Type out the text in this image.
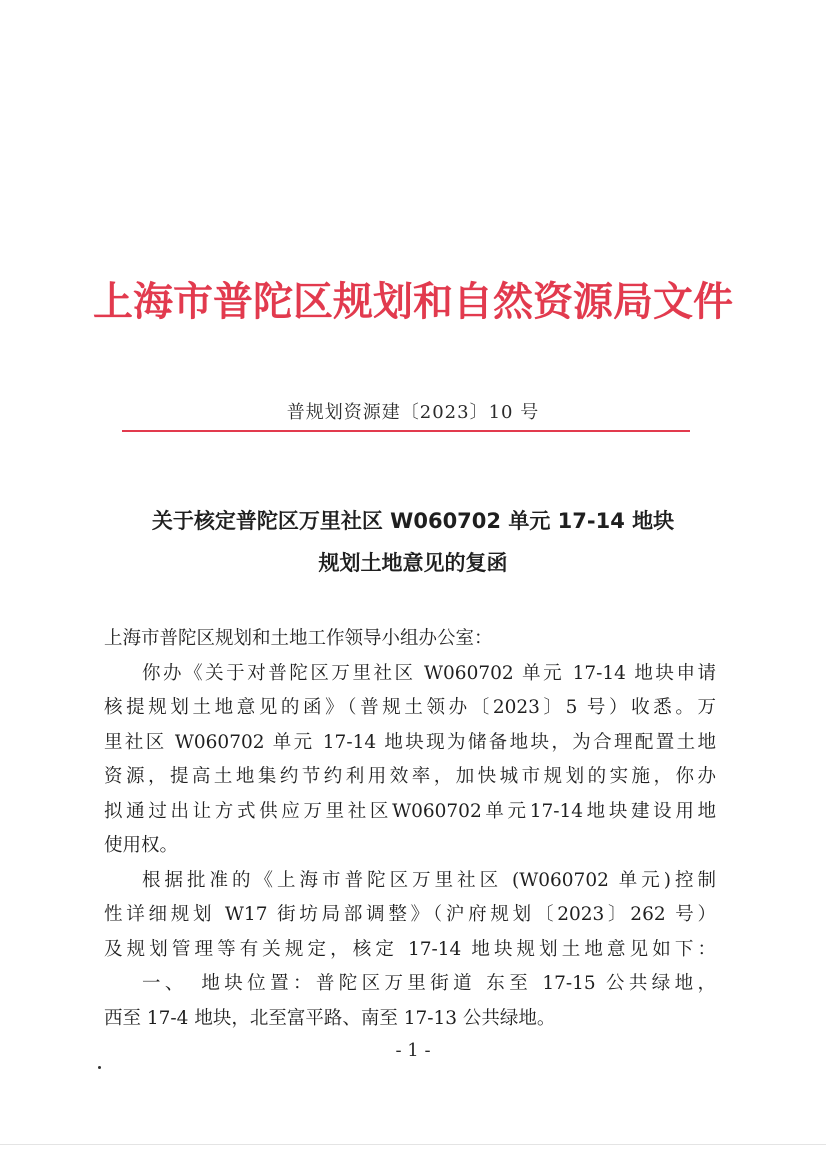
上海市普陀区规划和自然资源局文件
普规划资源建〔2023〕10 号
关于核定普陀区万里社区 W060702 单元 17-14 地块
规划土地意见的复函
上海市普陀区规划和土地工作领导小组办公室：
你办《关于对普陀区万里社区 W060702 单元 17-14 地块申请
核提规划土地意见的函》（普规土领办〔2023〕5 号）收悉。万
里社区 W060702 单元 17-14 地块现为储备地块，为合理配置土地
资源，提高土地集约节约利用效率，加快城市规划的实施，你办
拟通过出让方式供应万里社区W060702单元17-14地块建设用地
使用权。
根据批准的《上海市普陀区万里社区 (W060702 单元)控制
性详细规划 W17 街坊局部调整》（沪府规划〔2023〕262 号）
及规划管理等有关规定，核定 17-14 地块规划土地意见如下：
一、　地块位置：普陀区万里街道 东至 17-15 公共绿地，
西至 17-4 地块，北至富平路、南至 17-13 公共绿地。
- 1 -
